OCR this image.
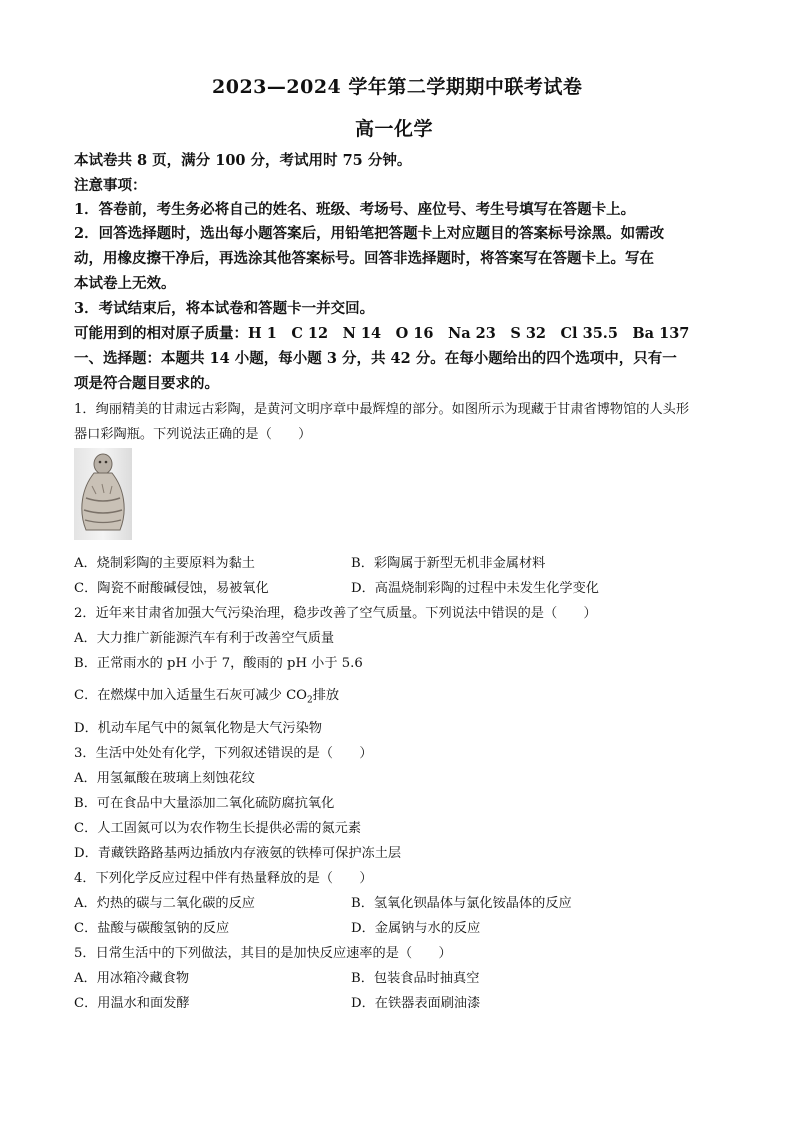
2023—2024 学年第二学期期中联考试卷

高一化学

本试卷共 8 页，满分 100 分，考试用时 75 分钟。

注意事项：

1．答卷前，考生务必将自己的姓名、班级、考场号、座位号、考生号填写在答题卡上。

2．回答选择题时，选出每小题答案后，用铅笔把答题卡上对应题目的答案标号涂黑。如需改

动，用橡皮擦干净后，再选涂其他答案标号。回答非选择题时，将答案写在答题卡上。写在

本试卷上无效。

3．考试结束后，将本试卷和答题卡一并交回。

可能用到的相对原子质量：H 1　C 12　N 14　O 16　Na 23　S 32　Cl 35.5　Ba 137

一、选择题：本题共 14 小题，每小题 3 分，共 42 分。在每小题给出的四个选项中，只有一

项是符合题目要求的。

1．绚丽精美的甘肃远古彩陶，是黄河文明序章中最辉煌的部分。如图所示为现藏于甘肃省博物馆的人头形

器口彩陶瓶。下列说法正确的是（　　）

A．烧制彩陶的主要原料为黏土	B．彩陶属于新型无机非金属材料

C．陶瓷不耐酸碱侵蚀，易被氧化	D．高温烧制彩陶的过程中未发生化学变化

2．近年来甘肃省加强大气污染治理，稳步改善了空气质量。下列说法中错误的是（　　）

A．大力推广新能源汽车有利于改善空气质量

B．正常雨水的 pH 小于 7，酸雨的 pH 小于 5.6

C．在燃煤中加入适量生石灰可减少 $CO_2$排放

D．机动车尾气中的氮氧化物是大气污染物

3．生活中处处有化学，下列叙述错误的是（　　）

A．用氢氟酸在玻璃上刻蚀花纹

B．可在食品中大量添加二氧化硫防腐抗氧化

C．人工固氮可以为农作物生长提供必需的氮元素

D．青藏铁路路基两边插放内存液氨的铁棒可保护冻土层

4．下列化学反应过程中伴有热量释放的是（　　）

A．灼热的碳与二氧化碳的反应	B．氢氧化钡晶体与氯化铵晶体的反应

C．盐酸与碳酸氢钠的反应	D．金属钠与水的反应

5．日常生活中的下列做法，其目的是加快反应速率的是（　　）

A．用冰箱冷藏食物	B．包装食品时抽真空

C．用温水和面发酵	D．在铁器表面刷油漆
